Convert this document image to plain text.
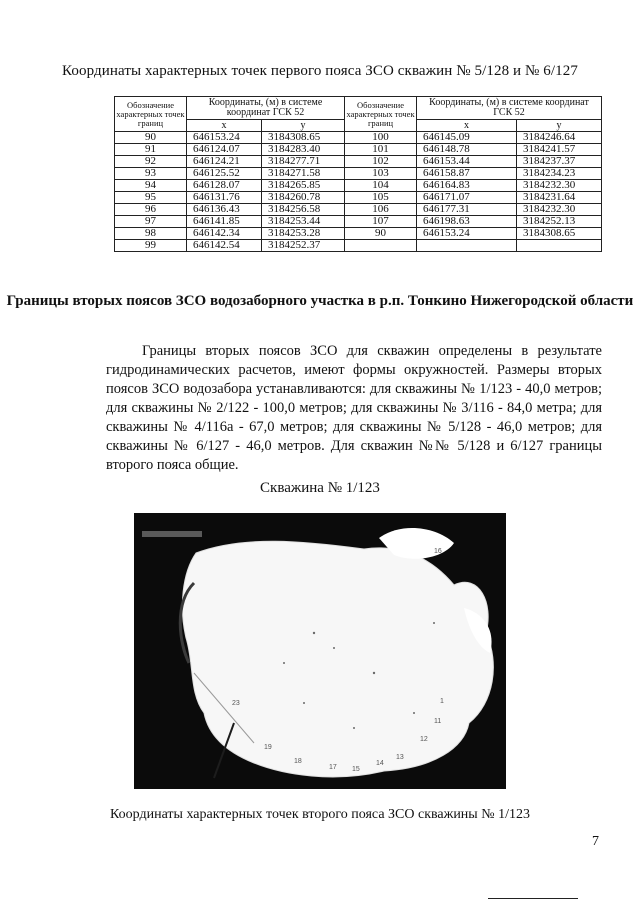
Координаты характерных точек первого пояса ЗСО скважин № 5/128 и № 6/127
Обозначение характерных точек границ	Координаты, (м) в системе координат ГСК 52		Обозначение характерных точек границ	Координаты, (м) в системе координат ГСК 52	
	x	y		x	y
90	646153.24	3184308.65	100	646145.09	3184246.64
91	646124.07	3184283.40	101	646148.78	3184241.57
92	646124.21	3184277.71	102	646153.44	3184237.37
93	646125.52	3184271.58	103	646158.87	3184234.23
94	646128.07	3184265.85	104	646164.83	3184232.30
95	646131.76	3184260.78	105	646171.07	3184231.64
96	646136.43	3184256.58	106	646177.31	3184232.30
97	646141.85	3184253.44	107	646198.63	3184252.13
98	646142.34	3184253.28	90	646153.24	3184308.65
99	646142.54	3184252.37			
Границы вторых поясов ЗСО водозаборного участка в р.п. Тонкино Нижегородской области
Границы вторых поясов ЗСО для скважин определены в результате гидродинамических расчетов, имеют формы окружностей. Размеры вторых поясов ЗСО водозабора устанавливаются: для скважины № 1/123 - 40,0 метров; для скважины № 2/122 - 100,0 метров; для скважины № 3/116 - 84,0 метра; для скважины № 4/116а - 67,0 метров; для скважины № 5/128 - 46,0 метров; для скважины № 6/127 - 46,0 метров. Для скважин №№ 5/128 и 6/127 границы второго пояса общие.
Скважина № 1/123
16
15
14
13
12
11
1
23
19
18
17
Координаты характерных точек второго пояса ЗСО скважины № 1/123
7
